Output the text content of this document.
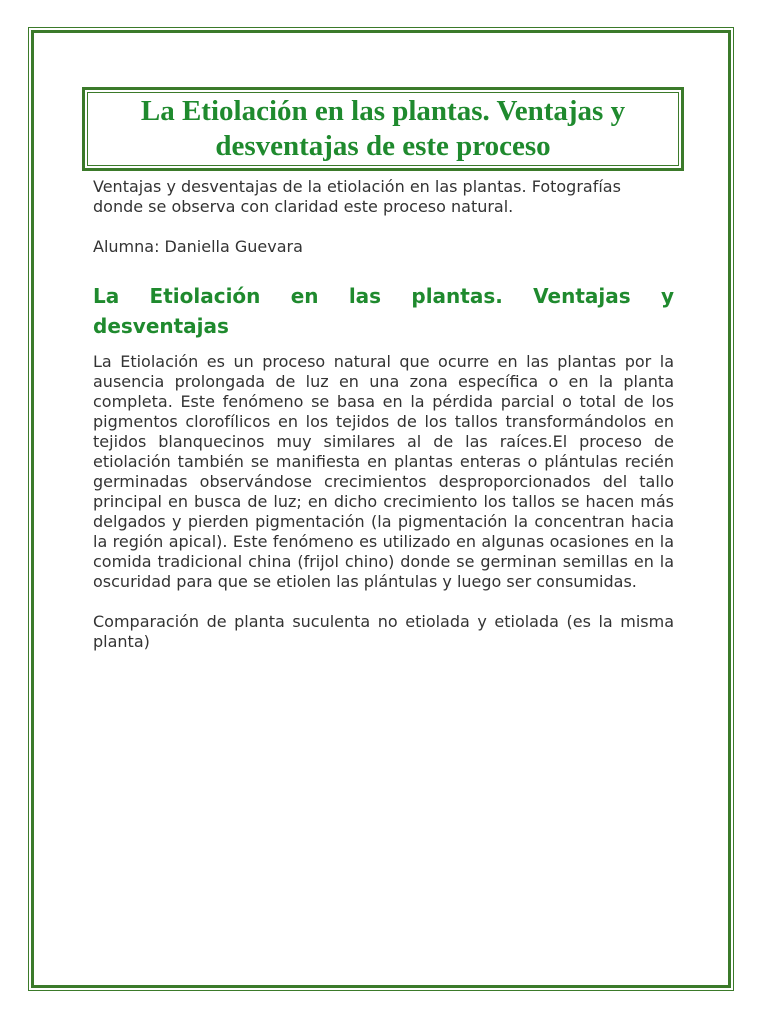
La Etiolación en las plantas. Ventajas y desventajas de este proceso

Ventajas y desventajas de la etiolación en las plantas. Fotografías donde se observa con claridad este proceso natural.

Alumna: Daniella Guevara

La Etiolación en las plantas. Ventajas y desventajas

La Etiolación es un proceso natural que ocurre en las plantas por la ausencia prolongada de luz en una zona específica o en la planta completa. Este fenómeno se basa en la pérdida parcial o total de los pigmentos clorofílicos en los tejidos de los tallos transformándolos en tejidos blanquecinos muy similares al de las raíces.El proceso de etiolación también se manifiesta en plantas enteras o plántulas recién germinadas observándose crecimientos desproporcionados del tallo principal en busca de luz; en dicho crecimiento los tallos se hacen más delgados y pierden pigmentación (la pigmentación la concentran hacia la región apical). Este fenómeno es utilizado en algunas ocasiones en la comida tradicional china (frijol chino) donde se germinan semillas en la oscuridad para que se etiolen las plántulas y luego ser consumidas.

Comparación de planta suculenta no etiolada y etiolada (es la misma planta)
